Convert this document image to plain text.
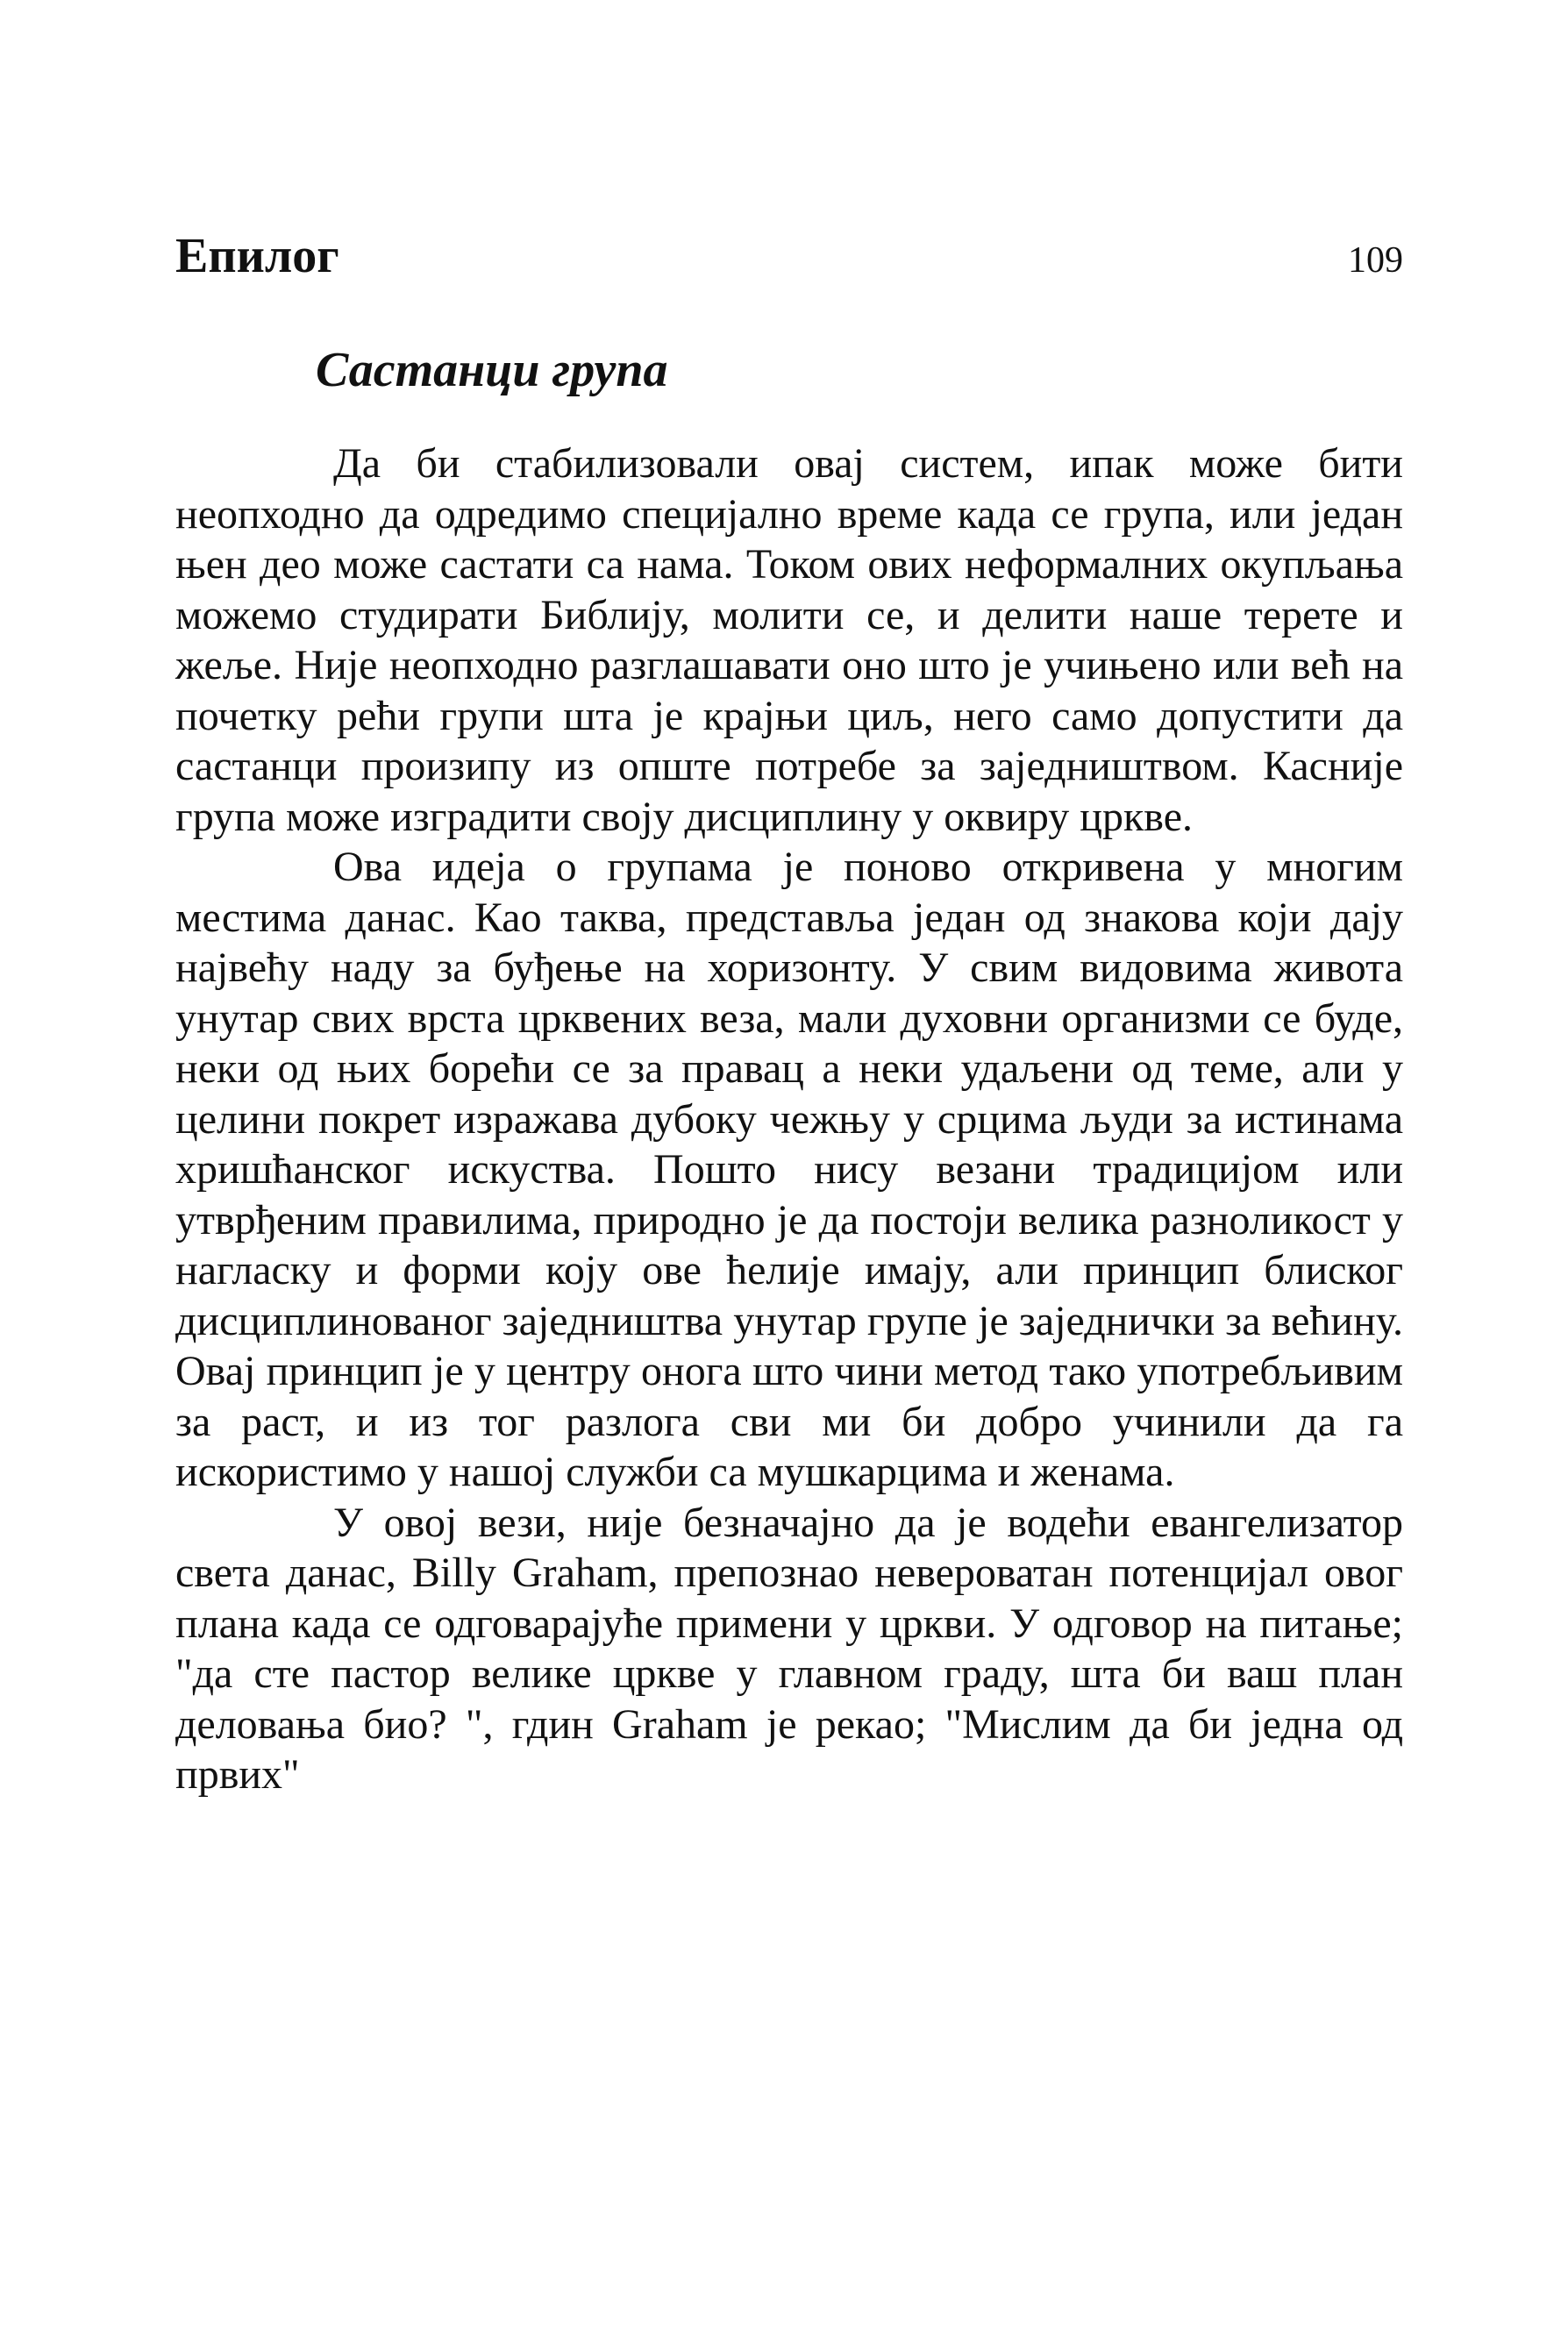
Епилог	109
Састанци група

Да би стабилизовали овај систем, ипак може бити неопходно да одредимо специјално време када се група, или један њен део може састати са нама. Током ових неформалних окупљања можемо студирати Библију, молити се, и делити наше терете и жеље. Није неопходно разглашавати оно што је учињено или већ на почетку рећи групи шта је крајњи циљ, него само допустити да састанци произипу из опште потребе за заједништвом. Касније група може изградити своју дисциплину у оквиру цркве.

Ова идеја о групама је поново откривена у многим местима данас. Као таква, представља један од знакова који дају највећу наду за буђење на хоризонту. У свим видовима живота унутар свих врста црквених веза, мали духовни организми се буде, неки од њих борећи се за правац а неки удаљени од теме, али у целини покрет изражава дубоку чежњу у срцима људи за истинама хришћанског искуства. Пошто нису везани традицијом или утврђеним правилима, природно је да постоји велика разноликост у нагласку и форми коју ове ћелије имају, али принцип блиског дисциплинованог заједништва унутар групе је заједнички за већину. Овај принцип је у центру онога што чини метод тако употребљивим за раст, и из тог разлога сви ми би добро учинили да га искористимо у нашој служби са мушкарцима и женама.

У овој вези, није безначајно да је водећи евангелизатор света данас, Billy Graham, препознао невероватан потенцијал овог плана када се одговарајуће примени у цркви. У одговор на питање; "да сте пастор велике цркве у главном граду, шта би ваш план деловања био? ", гдин Graham је рекао; "Мислим да би једна од првих"
